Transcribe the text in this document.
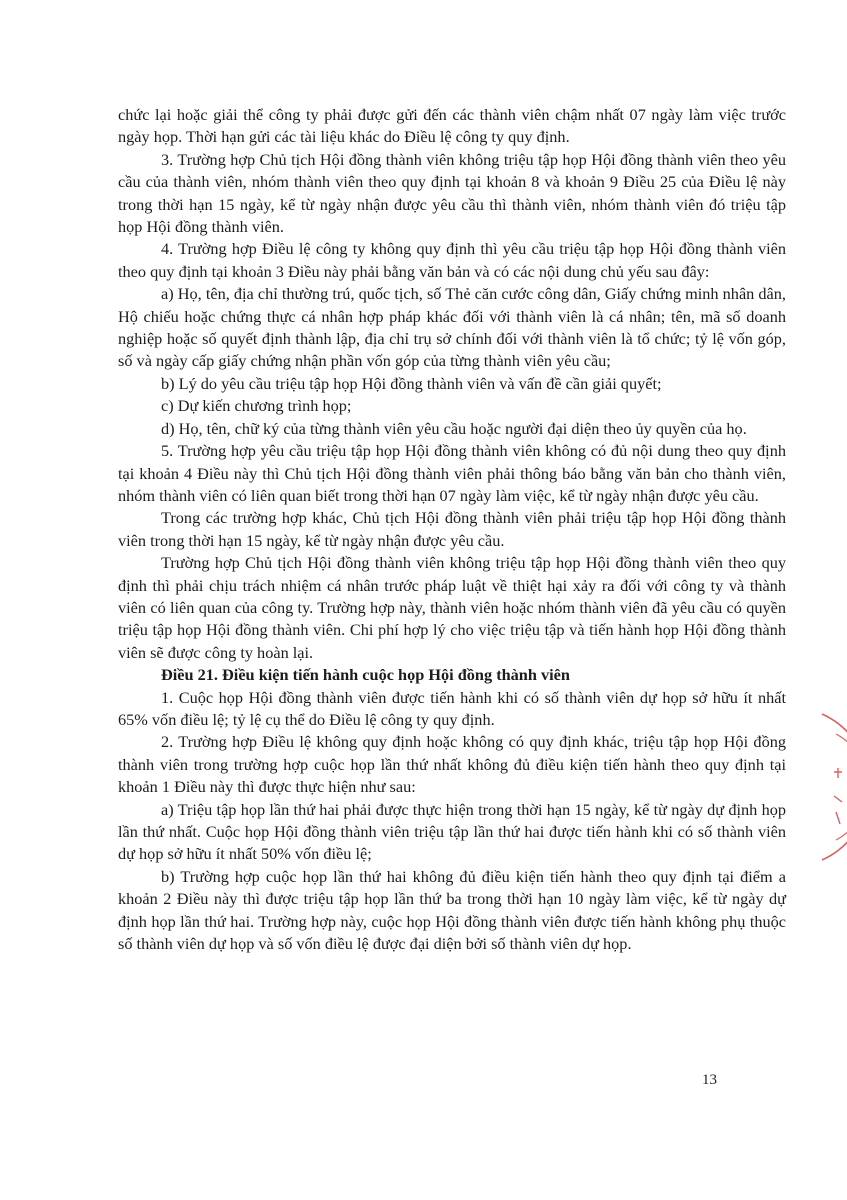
chức lại hoặc giải thể công ty phải được gửi đến các thành viên chậm nhất 07 ngày làm việc trước ngày họp. Thời hạn gửi các tài liệu khác do Điều lệ công ty quy định.

3. Trường hợp Chủ tịch Hội đồng thành viên không triệu tập họp Hội đồng thành viên theo yêu cầu của thành viên, nhóm thành viên theo quy định tại khoản 8 và khoản 9 Điều 25 của Điều lệ này trong thời hạn 15 ngày, kể từ ngày nhận được yêu cầu thì thành viên, nhóm thành viên đó triệu tập họp Hội đồng thành viên.

4. Trường hợp Điều lệ công ty không quy định thì yêu cầu triệu tập họp Hội đồng thành viên theo quy định tại khoản 3 Điều này phải bằng văn bản và có các nội dung chủ yếu sau đây:

a) Họ, tên, địa chỉ thường trú, quốc tịch, số Thẻ căn cước công dân, Giấy chứng minh nhân dân, Hộ chiếu hoặc chứng thực cá nhân hợp pháp khác đối với thành viên là cá nhân; tên, mã số doanh nghiệp hoặc số quyết định thành lập, địa chỉ trụ sở chính đối với thành viên là tổ chức; tỷ lệ vốn góp, số và ngày cấp giấy chứng nhận phần vốn góp của từng thành viên yêu cầu;

b) Lý do yêu cầu triệu tập họp Hội đồng thành viên và vấn đề cần giải quyết;

c) Dự kiến chương trình họp;

d) Họ, tên, chữ ký của từng thành viên yêu cầu hoặc người đại diện theo ủy quyền của họ.

5. Trường hợp yêu cầu triệu tập họp Hội đồng thành viên không có đủ nội dung theo quy định tại khoản 4 Điều này thì Chủ tịch Hội đồng thành viên phải thông báo bằng văn bản cho thành viên, nhóm thành viên có liên quan biết trong thời hạn 07 ngày làm việc, kể từ ngày nhận được yêu cầu.

Trong các trường hợp khác, Chủ tịch Hội đồng thành viên phải triệu tập họp Hội đồng thành viên trong thời hạn 15 ngày, kể từ ngày nhận được yêu cầu.

Trường hợp Chủ tịch Hội đồng thành viên không triệu tập họp Hội đồng thành viên theo quy định thì phải chịu trách nhiệm cá nhân trước pháp luật về thiệt hại xảy ra đối với công ty và thành viên có liên quan của công ty. Trường hợp này, thành viên hoặc nhóm thành viên đã yêu cầu có quyền triệu tập họp Hội đồng thành viên. Chi phí hợp lý cho việc triệu tập và tiến hành họp Hội đồng thành viên sẽ được công ty hoàn lại.

Điều 21. Điều kiện tiến hành cuộc họp Hội đồng thành viên

1. Cuộc họp Hội đồng thành viên được tiến hành khi có số thành viên dự họp sở hữu ít nhất 65% vốn điều lệ; tỷ lệ cụ thể do Điều lệ công ty quy định.

2. Trường hợp Điều lệ không quy định hoặc không có quy định khác, triệu tập họp Hội đồng thành viên trong trường hợp cuộc họp lần thứ nhất không đủ điều kiện tiến hành theo quy định tại khoản 1 Điều này thì được thực hiện như sau:

a) Triệu tập họp lần thứ hai phải được thực hiện trong thời hạn 15 ngày, kể từ ngày dự định họp lần thứ nhất. Cuộc họp Hội đồng thành viên triệu tập lần thứ hai được tiến hành khi có số thành viên dự họp sở hữu ít nhất 50% vốn điều lệ;

b) Trường hợp cuộc họp lần thứ hai không đủ điều kiện tiến hành theo quy định tại điểm a khoản 2 Điều này thì được triệu tập họp lần thứ ba trong thời hạn 10 ngày làm việc, kể từ ngày dự định họp lần thứ hai. Trường hợp này, cuộc họp Hội đồng thành viên được tiến hành không phụ thuộc số thành viên dự họp và số vốn điều lệ được đại diện bởi số thành viên dự họp.

13
